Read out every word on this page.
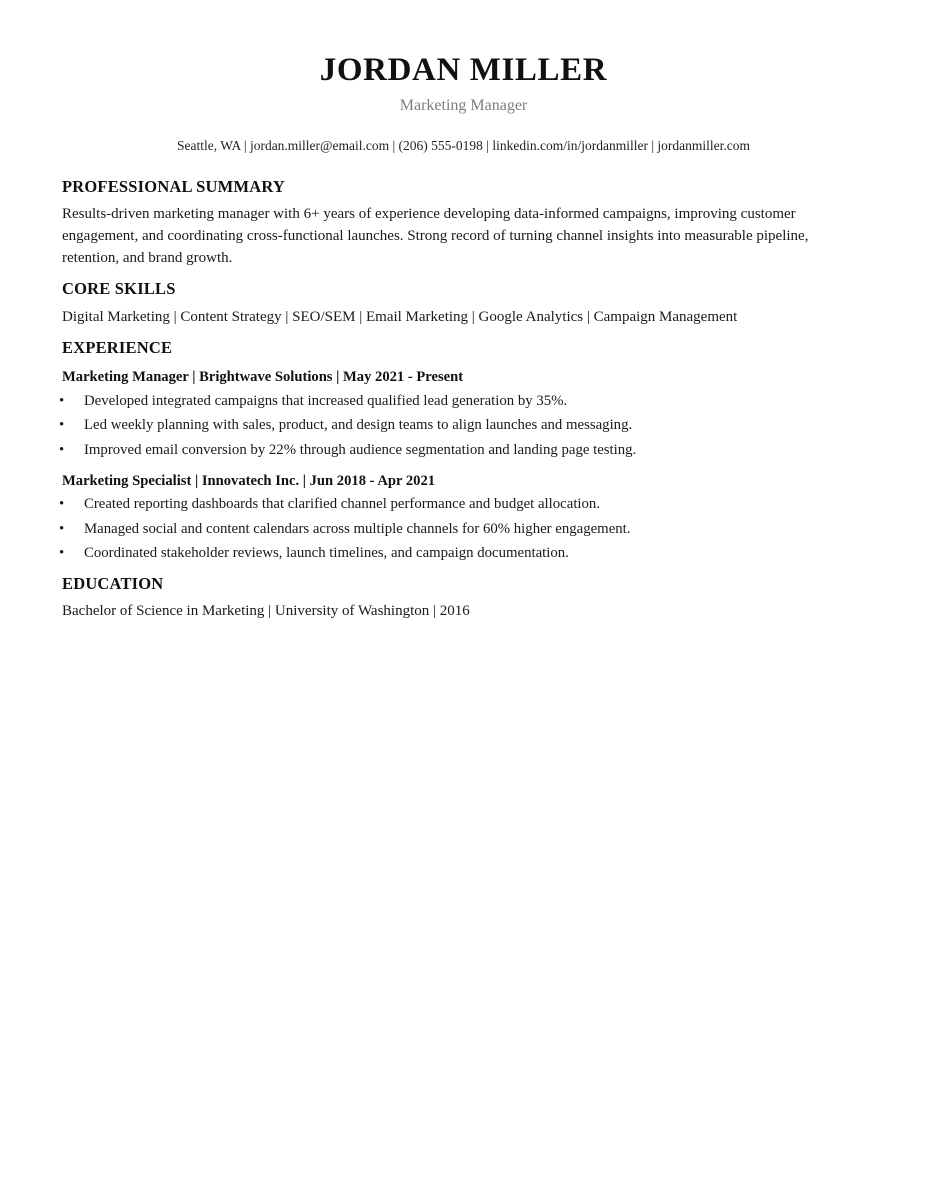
JORDAN MILLER
Marketing Manager
Seattle, WA | jordan.miller@email.com | (206) 555-0198 | linkedin.com/in/jordanmiller | jordanmiller.com
PROFESSIONAL SUMMARY

Results-driven marketing manager with 6+ years of experience developing data-informed campaigns, improving customer engagement, and coordinating cross-functional launches. Strong record of turning channel insights into measurable pipeline, retention, and brand growth.

CORE SKILLS

Digital Marketing | Content Strategy | SEO/SEM | Email Marketing | Google Analytics | Campaign Management

EXPERIENCE
Marketing Manager | Brightwave Solutions | May 2021 - Present
• Developed integrated campaigns that increased qualified lead generation by 35%.
• Led weekly planning with sales, product, and design teams to align launches and messaging.
• Improved email conversion by 22% through audience segmentation and landing page testing.
Marketing Specialist | Innovatech Inc. | Jun 2018 - Apr 2021
• Created reporting dashboards that clarified channel performance and budget allocation.
• Managed social and content calendars across multiple channels for 60% higher engagement.
• Coordinated stakeholder reviews, launch timelines, and campaign documentation.
EDUCATION

Bachelor of Science in Marketing | University of Washington | 2016
